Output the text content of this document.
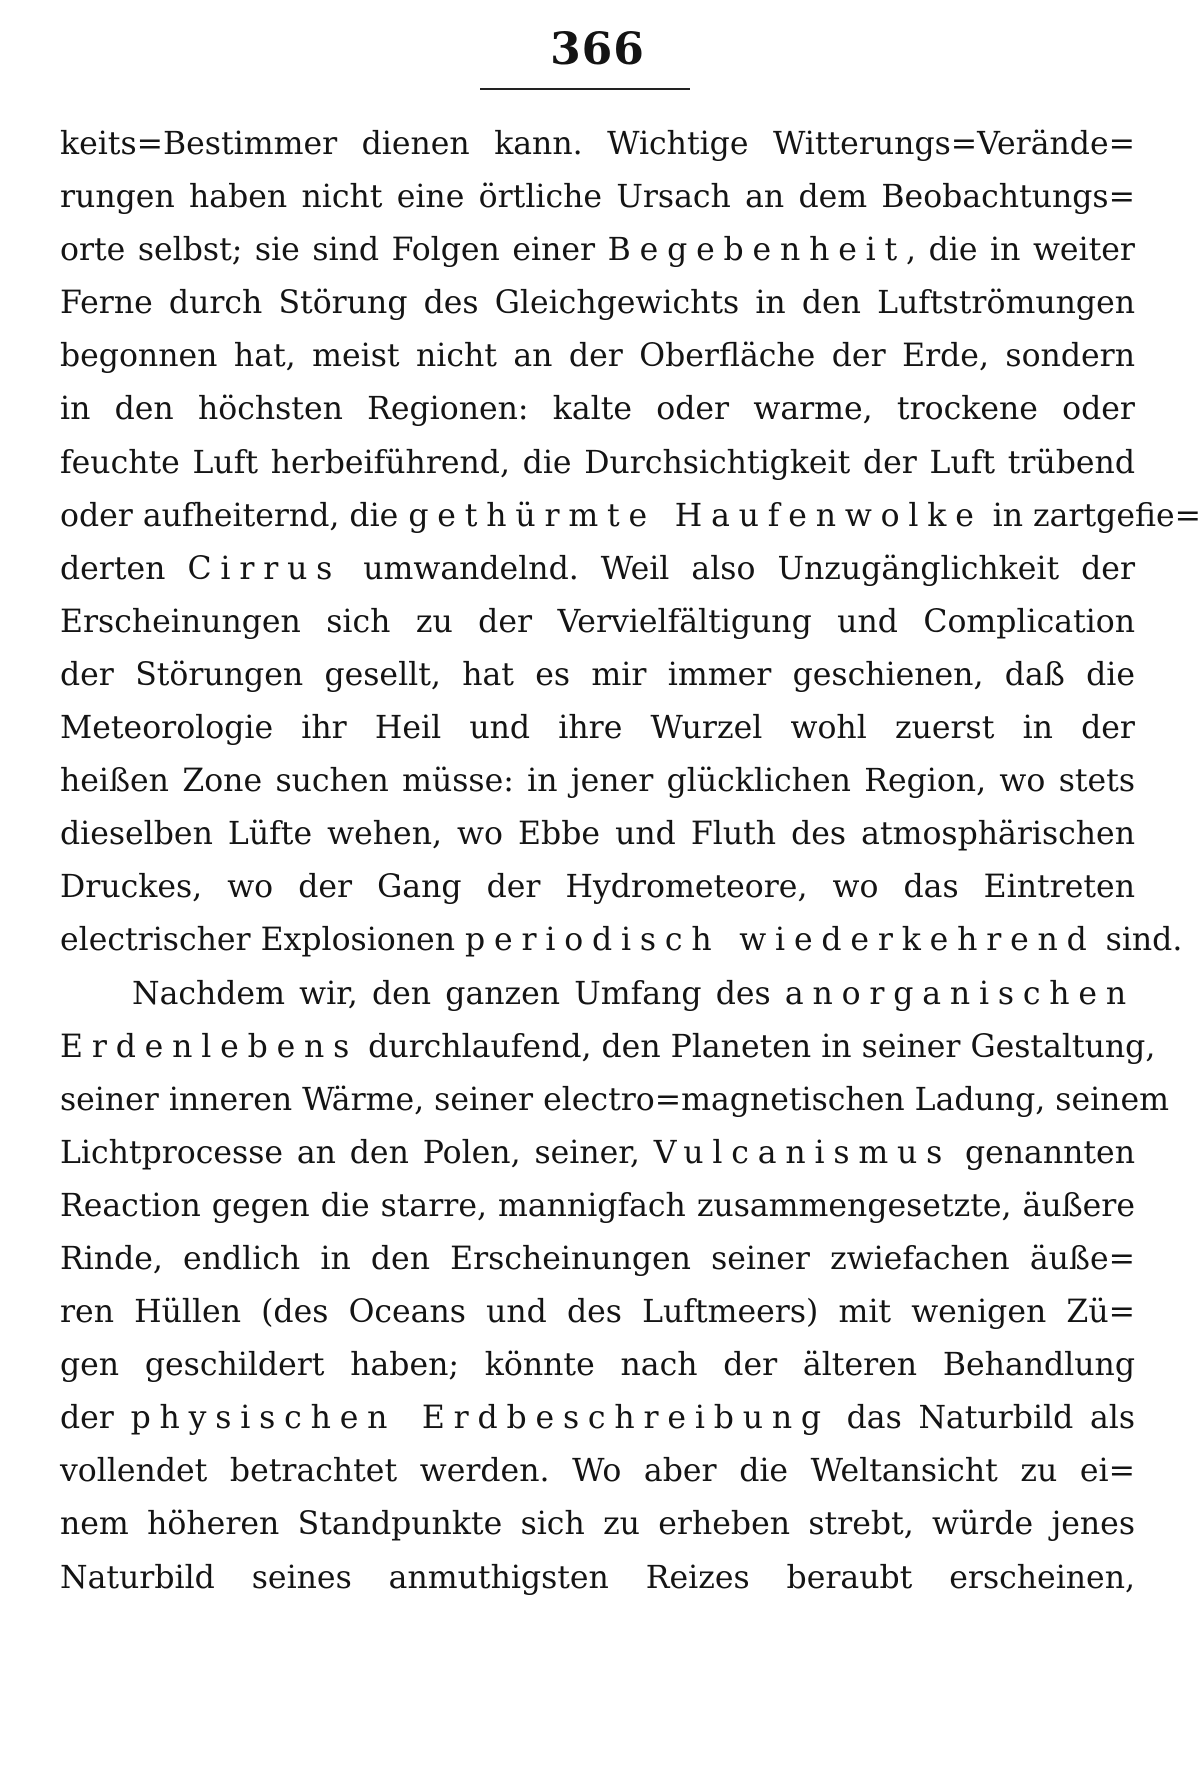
366
keits=Bestimmer dienen kann. Wichtige Witterungs=Verände=
rungen haben nicht eine örtliche Ursach an dem Beobachtungs=
orte selbst; sie sind Folgen einer Begebenheit, die in weiter
Ferne durch Störung des Gleichgewichts in den Luftströmungen
begonnen hat, meist nicht an der Oberfläche der Erde, sondern
in den höchsten Regionen: kalte oder warme, trockene oder
feuchte Luft herbeiführend, die Durchsichtigkeit der Luft trübend
oder aufheiternd, die gethürmte Haufenwolke in zartgefie=
derten Cirrus umwandelnd. Weil also Unzugänglichkeit der
Erscheinungen sich zu der Vervielfältigung und Complication
der Störungen gesellt, hat es mir immer geschienen, daß die
Meteorologie ihr Heil und ihre Wurzel wohl zuerst in der
heißen Zone suchen müsse: in jener glücklichen Region, wo stets
dieselben Lüfte wehen, wo Ebbe und Fluth des atmosphärischen
Druckes, wo der Gang der Hydrometeore, wo das Eintreten
electrischer Explosionen periodisch wiederkehrend sind.
Nachdem wir, den ganzen Umfang des anorganischen
Erdenlebens durchlaufend, den Planeten in seiner Gestaltung,
seiner inneren Wärme, seiner electro=magnetischen Ladung, seinem
Lichtprocesse an den Polen, seiner, Vulcanismus genannten
Reaction gegen die starre, mannigfach zusammengesetzte, äußere
Rinde, endlich in den Erscheinungen seiner zwiefachen äuße=
ren Hüllen (des Oceans und des Luftmeers) mit wenigen Zü=
gen geschildert haben; könnte nach der älteren Behandlung
der physischen Erdbeschreibung das Naturbild als
vollendet betrachtet werden. Wo aber die Weltansicht zu ei=
nem höheren Standpunkte sich zu erheben strebt, würde jenes
Naturbild seines anmuthigsten Reizes beraubt erscheinen,
